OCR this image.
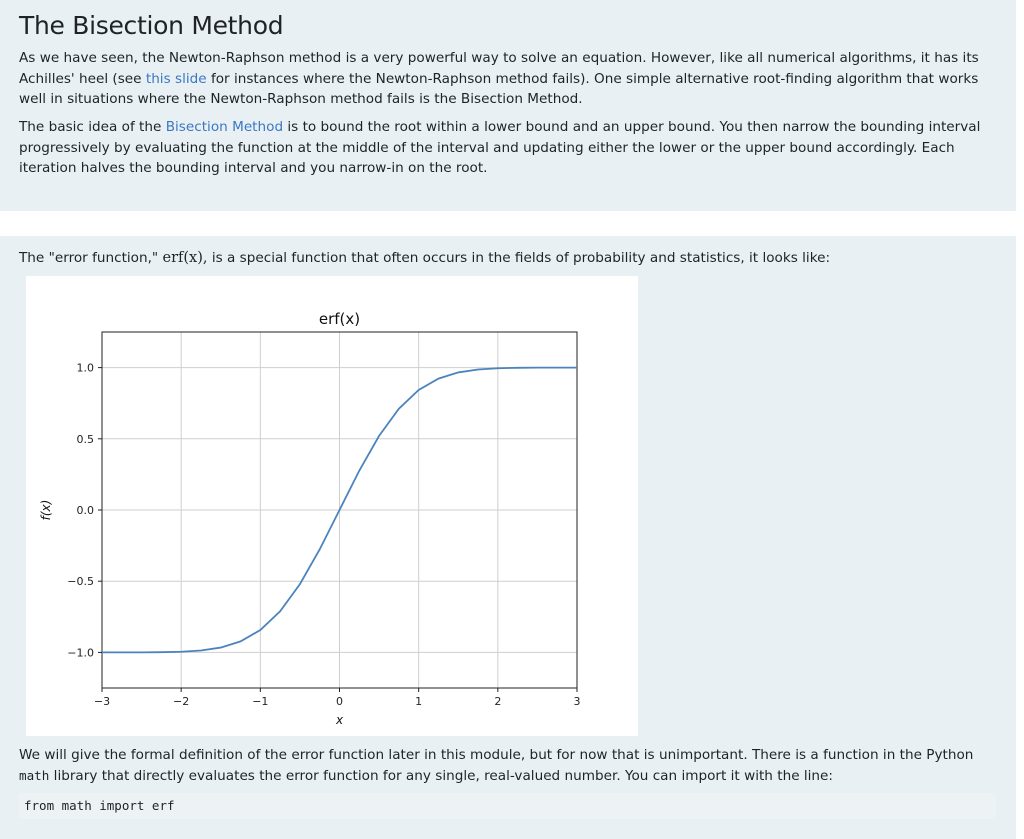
The Bisection Method

As we have seen, the Newton-Raphson method is a very powerful way to solve an equation. However, like all numerical algorithms, it has its Achilles' heel (see this slide for instances where the Newton-Raphson method fails). One simple alternative root-finding algorithm that works well in situations where the Newton-Raphson method fails is the Bisection Method.

The basic idea of the Bisection Method is to bound the root within a lower bound and an upper bound. You then narrow the bounding interval progressively by evaluating the function at the middle of the interval and updating either the lower or the upper bound accordingly. Each iteration halves the bounding interval and you narrow-in on the root.

The "error function," erf(x), is a special function that often occurs in the fields of probability and statistics, it looks like:

−3	−2	−1	0	1	2	3
−1.0
−0.5
0.0
0.5
1.0
erf(x)
x
f(x)

We will give the formal definition of the error function later in this module, but for now that is unimportant. There is a function in the Python math library that directly evaluates the error function for any single, real-valued number. You can import it with the line:

from math import erf
